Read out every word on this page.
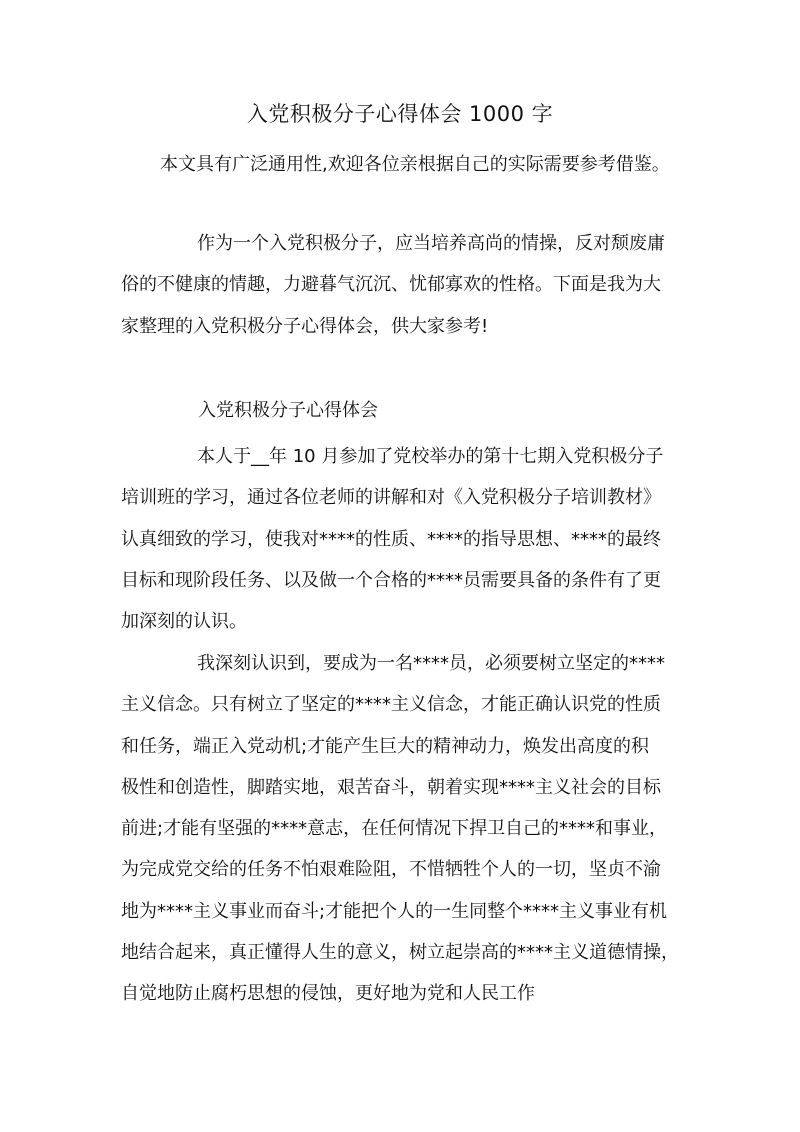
入党积极分子心得体会 1000 字
本文具有广泛通用性,欢迎各位亲根据自己的实际需要参考借鉴。
作为一个入党积极分子，应当培养高尚的情操，反对颓废庸
俗的不健康的情趣，力避暮气沉沉、忧郁寡欢的性格。下面是我为大
家整理的入党积极分子心得体会，供大家参考!
入党积极分子心得体会
本人于__年 10 月参加了党校举办的第十七期入党积极分子
培训班的学习，通过各位老师的讲解和对《入党积极分子培训教材》
认真细致的学习，使我对****的性质、****的指导思想、****的最终
目标和现阶段任务、以及做一个合格的****员需要具备的条件有了更
加深刻的认识。
我深刻认识到，要成为一名****员，必须要树立坚定的****
主义信念。只有树立了坚定的****主义信念，才能正确认识党的性质
和任务，端正入党动机;才能产生巨大的精神动力，焕发出高度的积
极性和创造性，脚踏实地，艰苦奋斗，朝着实现****主义社会的目标
前进;才能有坚强的****意志，在任何情况下捍卫自己的****和事业，
为完成党交给的任务不怕艰难险阻，不惜牺牲个人的一切，坚贞不渝
地为****主义事业而奋斗;才能把个人的一生同整个****主义事业有机
地结合起来，真正懂得人生的意义，树立起崇高的****主义道德情操，
自觉地防止腐朽思想的侵蚀，更好地为党和人民工作
